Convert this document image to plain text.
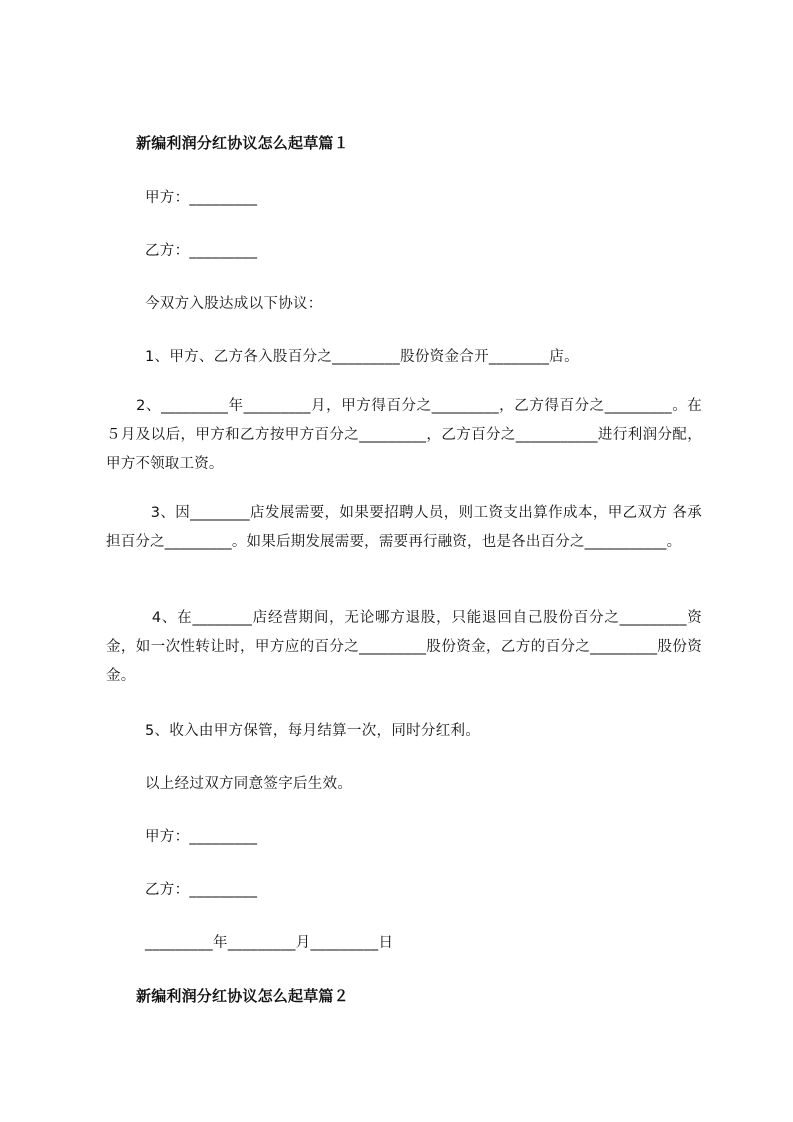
新编利润分红协议怎么起草篇１
甲方：_________
乙方：_________
今双方入股达成以下协议：
1、甲方、乙方各入股百分之_________股份资金合开________店。
　　2、_________年_________月，甲方得百分之_________，乙方得百分之_________。在５月及以后，甲方和乙方按甲方百分之_________，乙方百分之___________进行利润分配，甲方不领取工资。
　　　3、因________店发展需要，如果要招聘人员，则工资支出算作成本，甲乙双方 各承担百分之_________。如果后期发展需要，需要再行融资，也是各出百分之___________。
　　　4、在________店经营期间，无论哪方退股，只能退回自己股份百分之_________资金，如一次性转让时，甲方应的百分之_________股份资金，乙方的百分之_________股份资金。
5、收入由甲方保管，每月结算一次，同时分红利。
以上经过双方同意签字后生效。
甲方：_________
乙方：_________
_________年_________月_________日
新编利润分红协议怎么起草篇２
